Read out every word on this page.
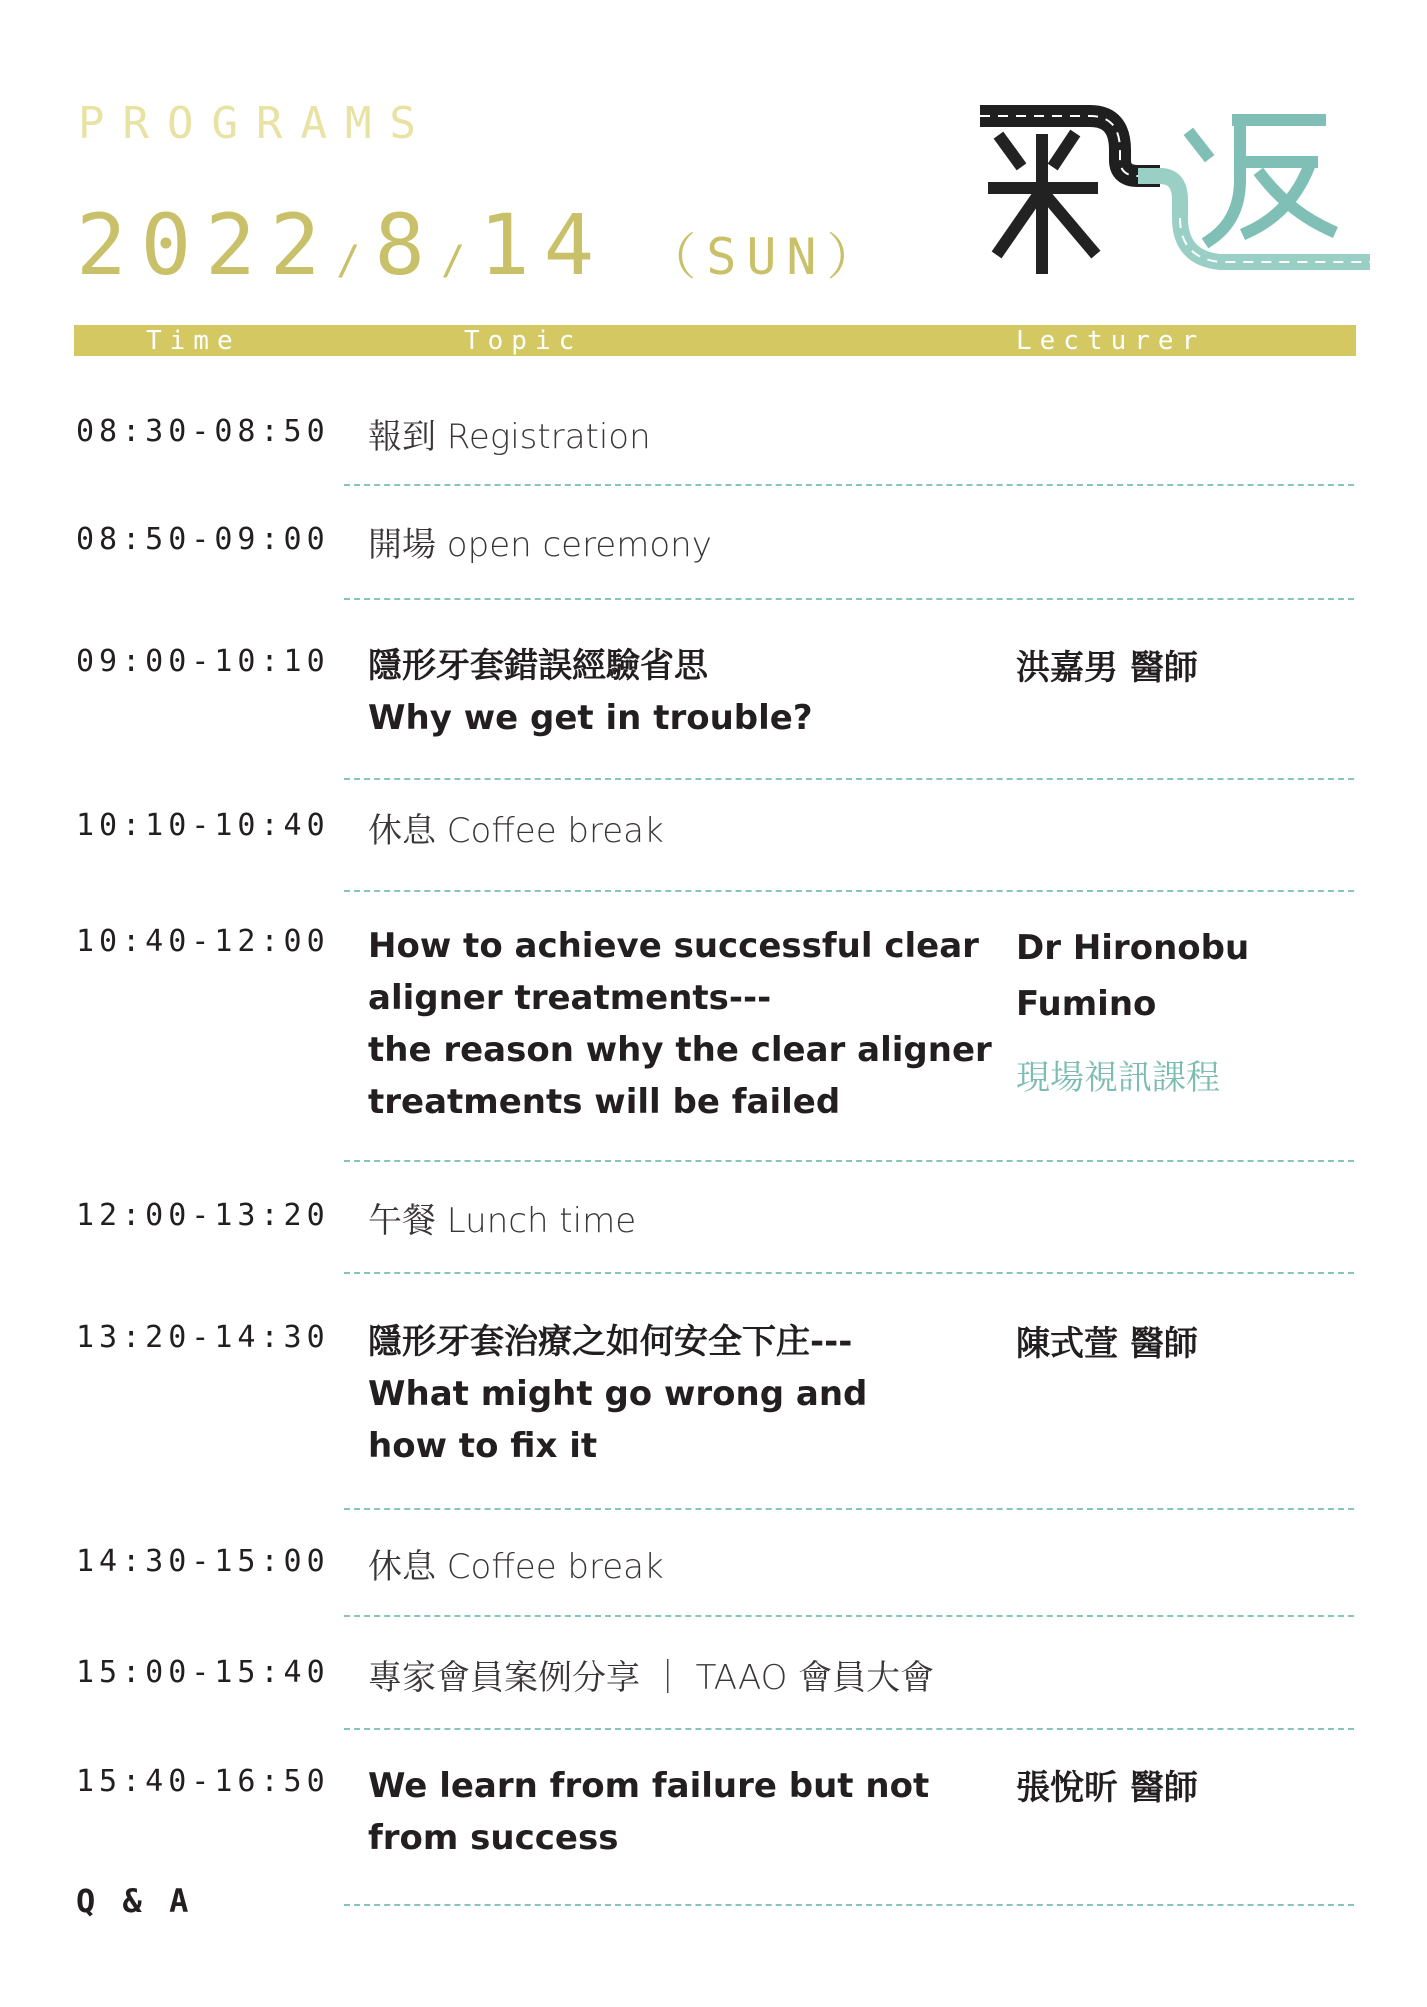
PROGRAMS
2022/ 8/ 14 （SUN）
Time	Topic	Lecturer
08:30-08:50 報到 Registration
08:50-09:00 開場 open ceremony
09:00-10:10 隱形牙套錯誤經驗省思
Why we get in trouble?
洪嘉男 醫師
10:10-10:40 休息 Coffee break
10:40-12:00 How to achieve successful clear
aligner treatments---
the reason why the clear aligner
treatments will be failed
Dr Hironobu
Fumino
現場視訊課程
12:00-13:20 午餐 Lunch time
13:20-14:30 隱形牙套治療之如何安全下庄---
What might go wrong and
how to fix it
陳式萱 醫師
14:30-15:00 休息 Coffee break
15:00-15:40 專家會員案例分享 ｜ TAAO 會員大會
15:40-16:50 We learn from failure but not
from success
張悅昕 醫師
Q & A
